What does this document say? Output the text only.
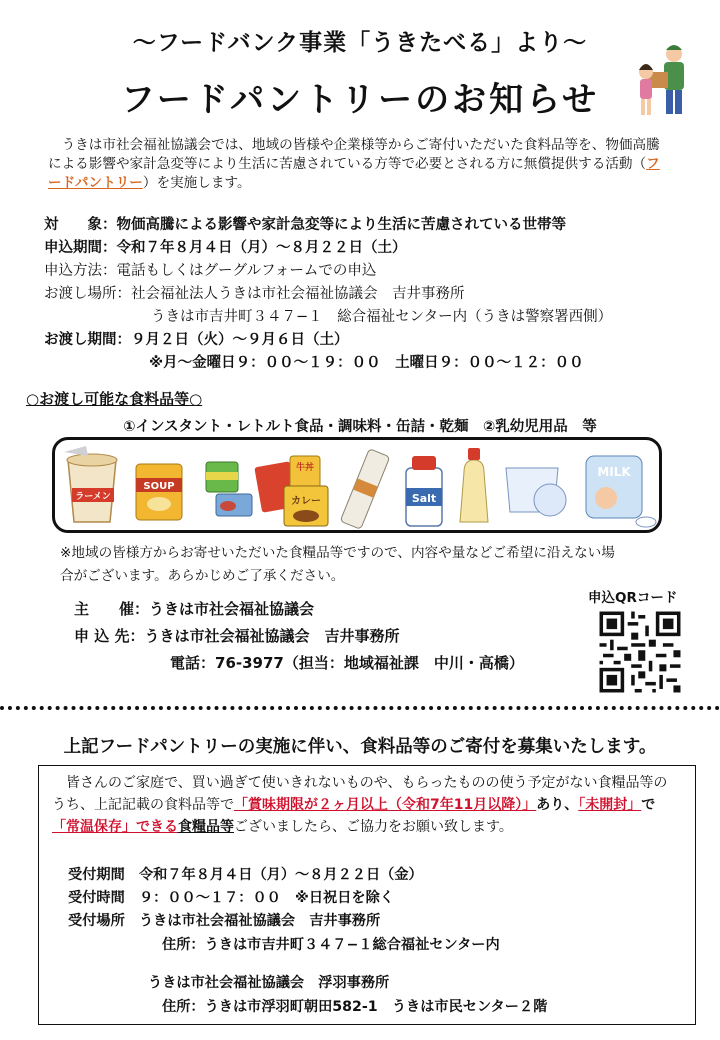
〜フードバンク事業「うきたべる」より〜
フードパントリーのお知らせ
　うきは市社会福祉協議会では、地域の皆様や企業様等からご寄付いただいた食料品等を、物価高騰による影響や家計急変等により生活に苦慮されている方等で必要とされる方に無償提供する活動（フードパントリー）を実施します。
対　　象：物価高騰による影響や家計急変等により生活に苦慮されている世帯等
申込期間：令和７年８月４日（月）〜８月２２日（土）
申込方法：電話もしくはグーグルフォームでの申込
お渡し場所：社会福祉法人うきは市社会福祉協議会　吉井事務所
うきは市吉井町３４７−１　総合福祉センター内（うきは警察署西側）
お渡し期間：９月２日（火）〜９月６日（土）
※月〜金曜日９：００〜１９：００　土曜日９：００〜１２：００
○お渡し可能な食料品等○
①インスタント・レトルト食品・調味料・缶詰・乾麺　②乳幼児用品　等
ラーメン
SOUP
牛丼
カレー	Salt
MILK
※地域の皆様方からお寄せいただいた食糧品等ですので、内容や量などご希望に沿えない場合がございます。あらかじめご了承ください。
主　　催：うきは市社会福祉協議会
申 込 先：うきは市社会福祉協議会　吉井事務所
電話：76-3977（担当：地域福祉課　中川・高橋）
申込QRコード
上記フードパントリーの実施に伴い、食料品等のご寄付を募集いたします。
　皆さんのご家庭で、買い過ぎて使いきれないものや、もらったものの使う予定がない食糧品等のうち、上記記載の食料品等で「賞味期限が２ヶ月以上（令和7年11月以降）」あり、「未開封」で「常温保存」できる食糧品等ございましたら、ご協力をお願い致します。
受付期間　 令和７年８月４日（月）〜８月２２日（金）
受付時間　 ９：００〜１７：００　※日祝日を除く
受付場所　 うきは市社会福祉協議会　吉井事務所
住所：うきは市吉井町３４７−１総合福祉センター内
うきは市社会福祉協議会　浮羽事務所
住所：うきは市浮羽町朝田582-1　うきは市民センター２階
